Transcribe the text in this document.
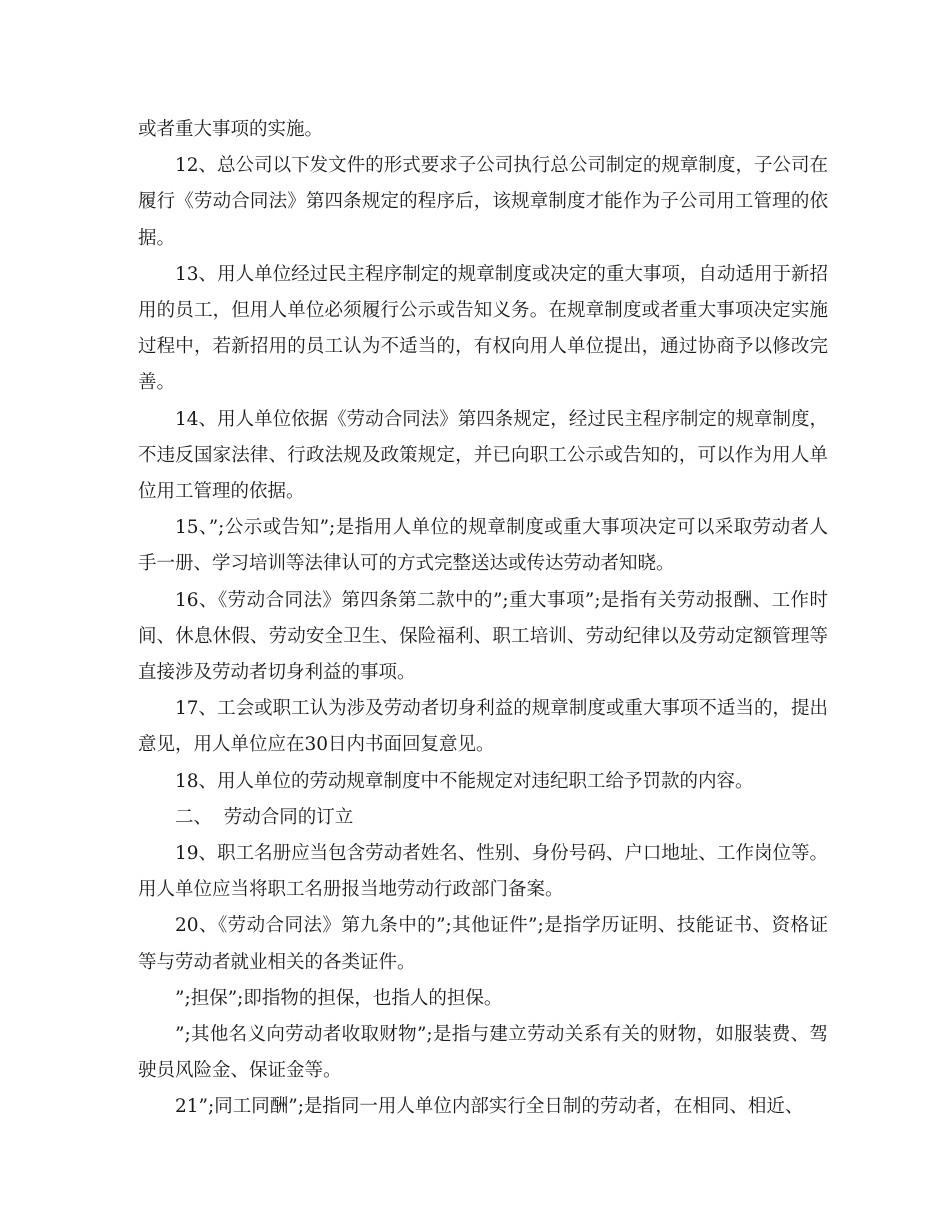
或者重大事项的实施。

12、总公司以下发文件的形式要求子公司执行总公司制定的规章制度，子公司在履行《劳动合同法》第四条规定的程序后，该规章制度才能作为子公司用工管理的依据。

13、用人单位经过民主程序制定的规章制度或决定的重大事项，自动适用于新招用的员工，但用人单位必须履行公示或告知义务。在规章制度或者重大事项决定实施过程中，若新招用的员工认为不适当的，有权向用人单位提出，通过协商予以修改完善。

14、用人单位依据《劳动合同法》第四条规定，经过民主程序制定的规章制度，不违反国家法律、行政法规及政策规定，并已向职工公示或告知的，可以作为用人单位用工管理的依据。

15、”;公示或告知”;是指用人单位的规章制度或重大事项决定可以采取劳动者人手一册、学习培训等法律认可的方式完整送达或传达劳动者知晓。

16、《劳动合同法》第四条第二款中的”;重大事项”;是指有关劳动报酬、工作时间、休息休假、劳动安全卫生、保险福利、职工培训、劳动纪律以及劳动定额管理等直接涉及劳动者切身利益的事项。

17、工会或职工认为涉及劳动者切身利益的规章制度或重大事项不适当的，提出意见，用人单位应在30日内书面回复意见。

18、用人单位的劳动规章制度中不能规定对违纪职工给予罚款的内容。

二、  劳动合同的订立

19、职工名册应当包含劳动者姓名、性别、身份号码、户口地址、工作岗位等。用人单位应当将职工名册报当地劳动行政部门备案。

20、《劳动合同法》第九条中的”;其他证件”;是指学历证明、技能证书、资格证等与劳动者就业相关的各类证件。

”;担保”;即指物的担保，也指人的担保。

”;其他名义向劳动者收取财物”;是指与建立劳动关系有关的财物，如服装费、驾驶员风险金、保证金等。

21”;同工同酬”;是指同一用人单位内部实行全日制的劳动者，在相同、相近、
